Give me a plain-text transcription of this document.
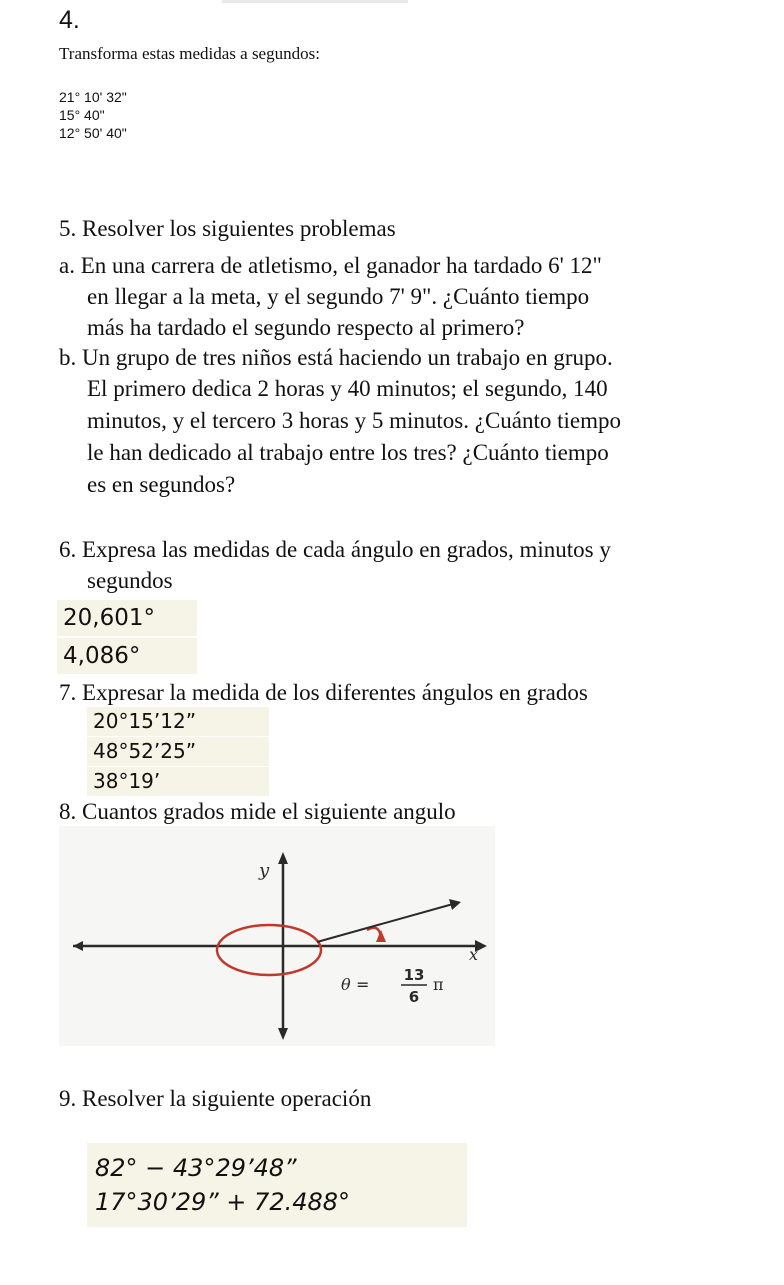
4.
Transforma estas medidas a segundos:
21° 10' 32"
15° 40"
12° 50' 40"
5. Resolver los siguientes problemas
a. En una carrera de atletismo, el ganador ha tardado 6' 12"
en llegar a la meta, y el segundo 7' 9". ¿Cuánto tiempo
más ha tardado el segundo respecto al primero?
b. Un grupo de tres niños está haciendo un trabajo en grupo.
El primero dedica 2 horas y 40 minutos; el segundo, 140
minutos, y el tercero 3 horas y 5 minutos. ¿Cuánto tiempo
le han dedicado al trabajo entre los tres? ¿Cuánto tiempo
es en segundos?
6. Expresa las medidas de cada ángulo en grados, minutos y
segundos
20,601°
4,086°
7. Expresar la medida de los diferentes ángulos en grados
20°15’12”
48°52’25”
38°19’
8. Cuantos grados mide el siguiente angulo
y
x
θ = 13
6
π
9. Resolver la siguiente operación
82° − 43°29’48”
17°30’29” + 72.488°
